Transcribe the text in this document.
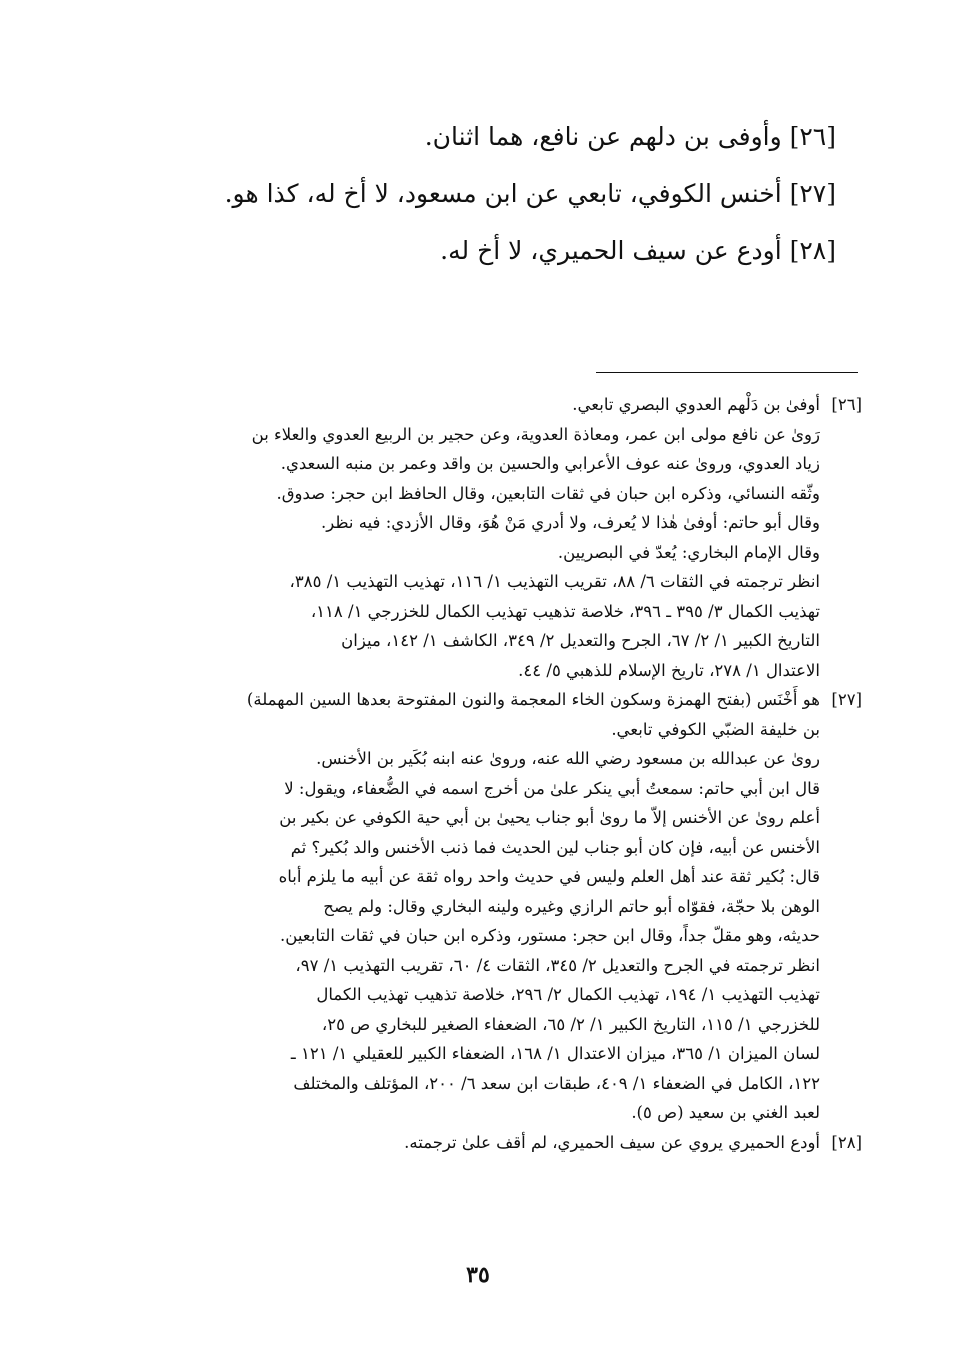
[٢٦] وأوفى بن دلهم عن نافع، هما اثنان.
[٢٧] أخنس الكوفي، تابعي عن ابن مسعود، لا أخ له، كذا هو.
[٢٨] أودع عن سيف الحميري، لا أخ له.
[٢٦]
أوفىٰ بن دَلْهم العدوي البصري تابعي.
رَوىٰ عن نافع مولى ابن عمر، ومعاذة العدوية، وعن حجير بن الربيع العدوي والعلاء بن
زياد العدوي، وروىٰ عنه عوف الأعرابي والحسين بن واقد وعمر بن منبه السعدي.
وثّقه النسائي، وذكره ابن حبان في ثقات التابعين، وقال الحافظ ابن حجر: صدوق.
وقال أبو حاتم: أوفىٰ هٰذا لا يُعرف، ولا أدري مَنْ هُوَ، وقال الأزدي: فيه نظر.
وقال الإمام البخاري: يُعدّ في البصريين.
انظر ترجمته في الثقات ٦/ ٨٨، تقريب التهذيب ١/ ١١٦، تهذيب التهذيب ١/ ٣٨٥،
تهذيب الكمال ٣/ ٣٩٥ ـ ٣٩٦، خلاصة تذهيب تهذيب الكمال للخزرجي ١/ ١١٨،
التاريخ الكبير ١/ ٢/ ٦٧، الجرح والتعديل ٢/ ٣٤٩، الكاشف ١/ ١٤٢، ميزان
الاعتدال ١/ ٢٧٨، تاريخ الإسلام للذهبي ٥/ ٤٤.
[٢٧]
هو أَخْنَس (بفتح الهمزة وسكون الخاء المعجمة والنون المفتوحة بعدها السين المهملة)
بن خليفة الضبّي الكوفي تابعي.
روىٰ عن عبدالله بن مسعود رضي الله عنه، وروىٰ عنه ابنه بُكَير بن الأخنس.
قال ابن أبي حاتم: سمعتُ أبي ينكر علىٰ من أخرج اسمه في الضُّعفاء، ويقول: لا
أعلم روىٰ عن الأخنس إلاّ ما روىٰ أبو جناب يحيىٰ بن أبي حية الكوفي عن بكير بن
الأخنس عن أبيه، فإن كان أبو جناب لين الحديث فما ذنب الأخنس والد بُكير؟ ثم
قال: بُكير ثقة عند أهل العلم وليس في حديث واحد رواه ثقة عن أبيه ما يلزم أباه
الوهن بلا حجّة، فقوّاه أبو حاتم الرازي وغيره ولينه البخاري وقال: ولم يصح
حديثه، وهو مقلّ جداً، وقال ابن حجر: مستور، وذكره ابن حبان في ثقات التابعين.
انظر ترجمته في الجرح والتعديل ٢/ ٣٤٥، الثقات ٤/ ٦٠، تقريب التهذيب ١/ ٩٧،
تهذيب التهذيب ١/ ١٩٤، تهذيب الكمال ٢/ ٢٩٦، خلاصة تذهيب تهذيب الكمال
للخزرجي ١/ ١١٥، التاريخ الكبير ١/ ٢/ ٦٥، الضعفاء الصغير للبخاري ص ٢٥،
لسان الميزان ١/ ٣٦٥، ميزان الاعتدال ١/ ١٦٨، الضعفاء الكبير للعقيلي ١/ ١٢١ ـ
١٢٢، الكامل في الضعفاء ١/ ٤٠٩، طبقات ابن سعد ٦/ ٢٠٠، المؤتلف والمختلف
لعبد الغني بن سعيد (ص ٥).
[٢٨]
أودع الحميري يروي عن سيف الحميري، لم أقف علىٰ ترجمته.
٣٥
